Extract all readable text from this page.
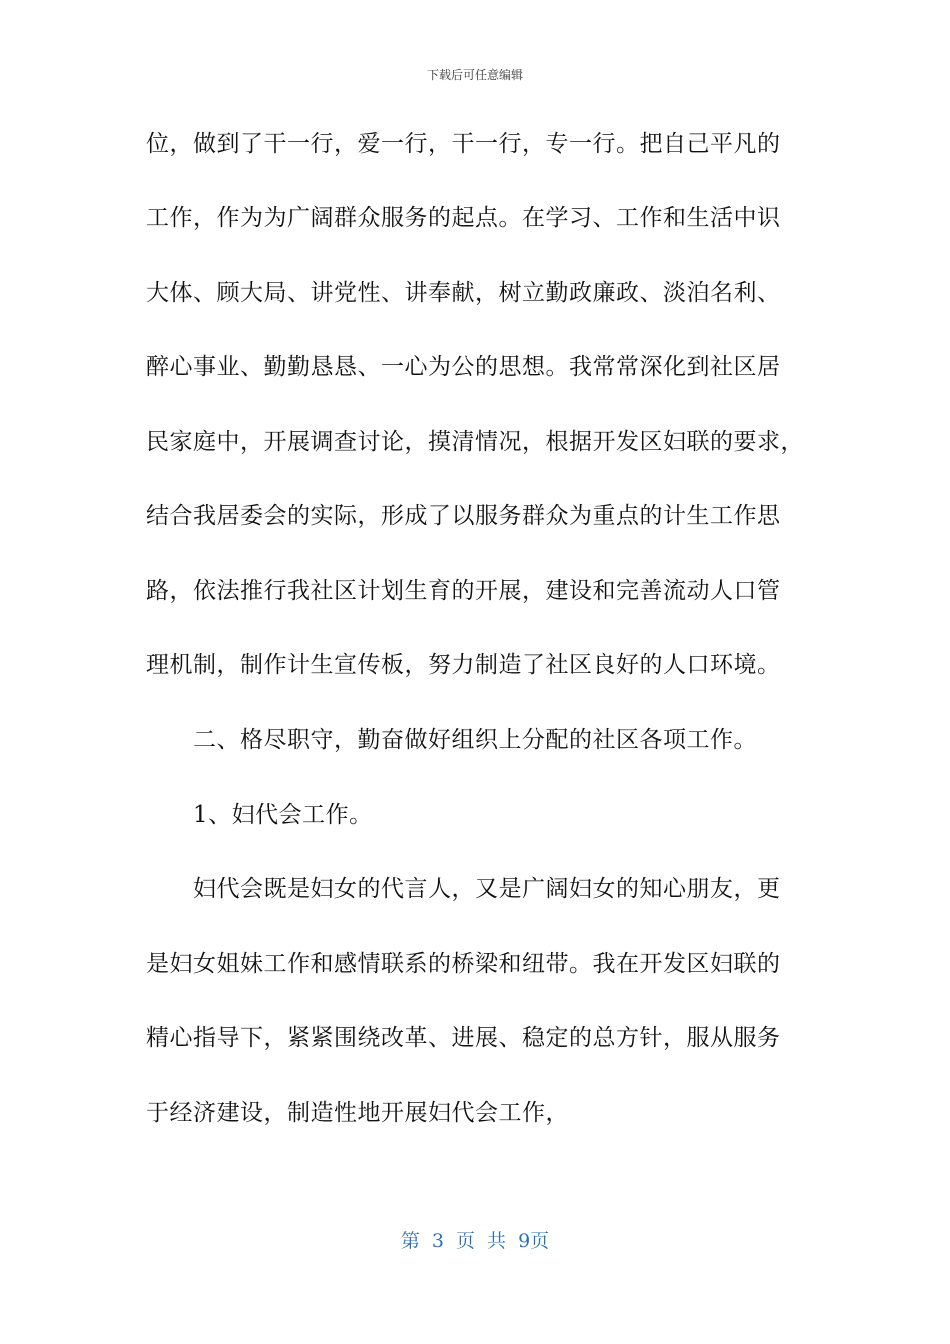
下载后可任意编辑
位，做到了干一行，爱一行，干一行，专一行。把自己平凡的
工作，作为为广阔群众服务的起点。在学习、工作和生活中识
大体、顾大局、讲党性、讲奉献，树立勤政廉政、淡泊名利、
醉心事业、勤勤恳恳、一心为公的思想。我常常深化到社区居
民家庭中，开展调查讨论，摸清情况，根据开发区妇联的要求，
结合我居委会的实际，形成了以服务群众为重点的计生工作思
路，依法推行我社区计划生育的开展，建设和完善流动人口管
理机制，制作计生宣传板，努力制造了社区良好的人口环境。
二、格尽职守，勤奋做好组织上分配的社区各项工作。
1、妇代会工作。
妇代会既是妇女的代言人，又是广阔妇女的知心朋友，更
是妇女姐妹工作和感情联系的桥梁和纽带。我在开发区妇联的
精心指导下，紧紧围绕改革、进展、稳定的总方针，服从服务
于经济建设，制造性地开展妇代会工作，
第 3 页 共 9页
